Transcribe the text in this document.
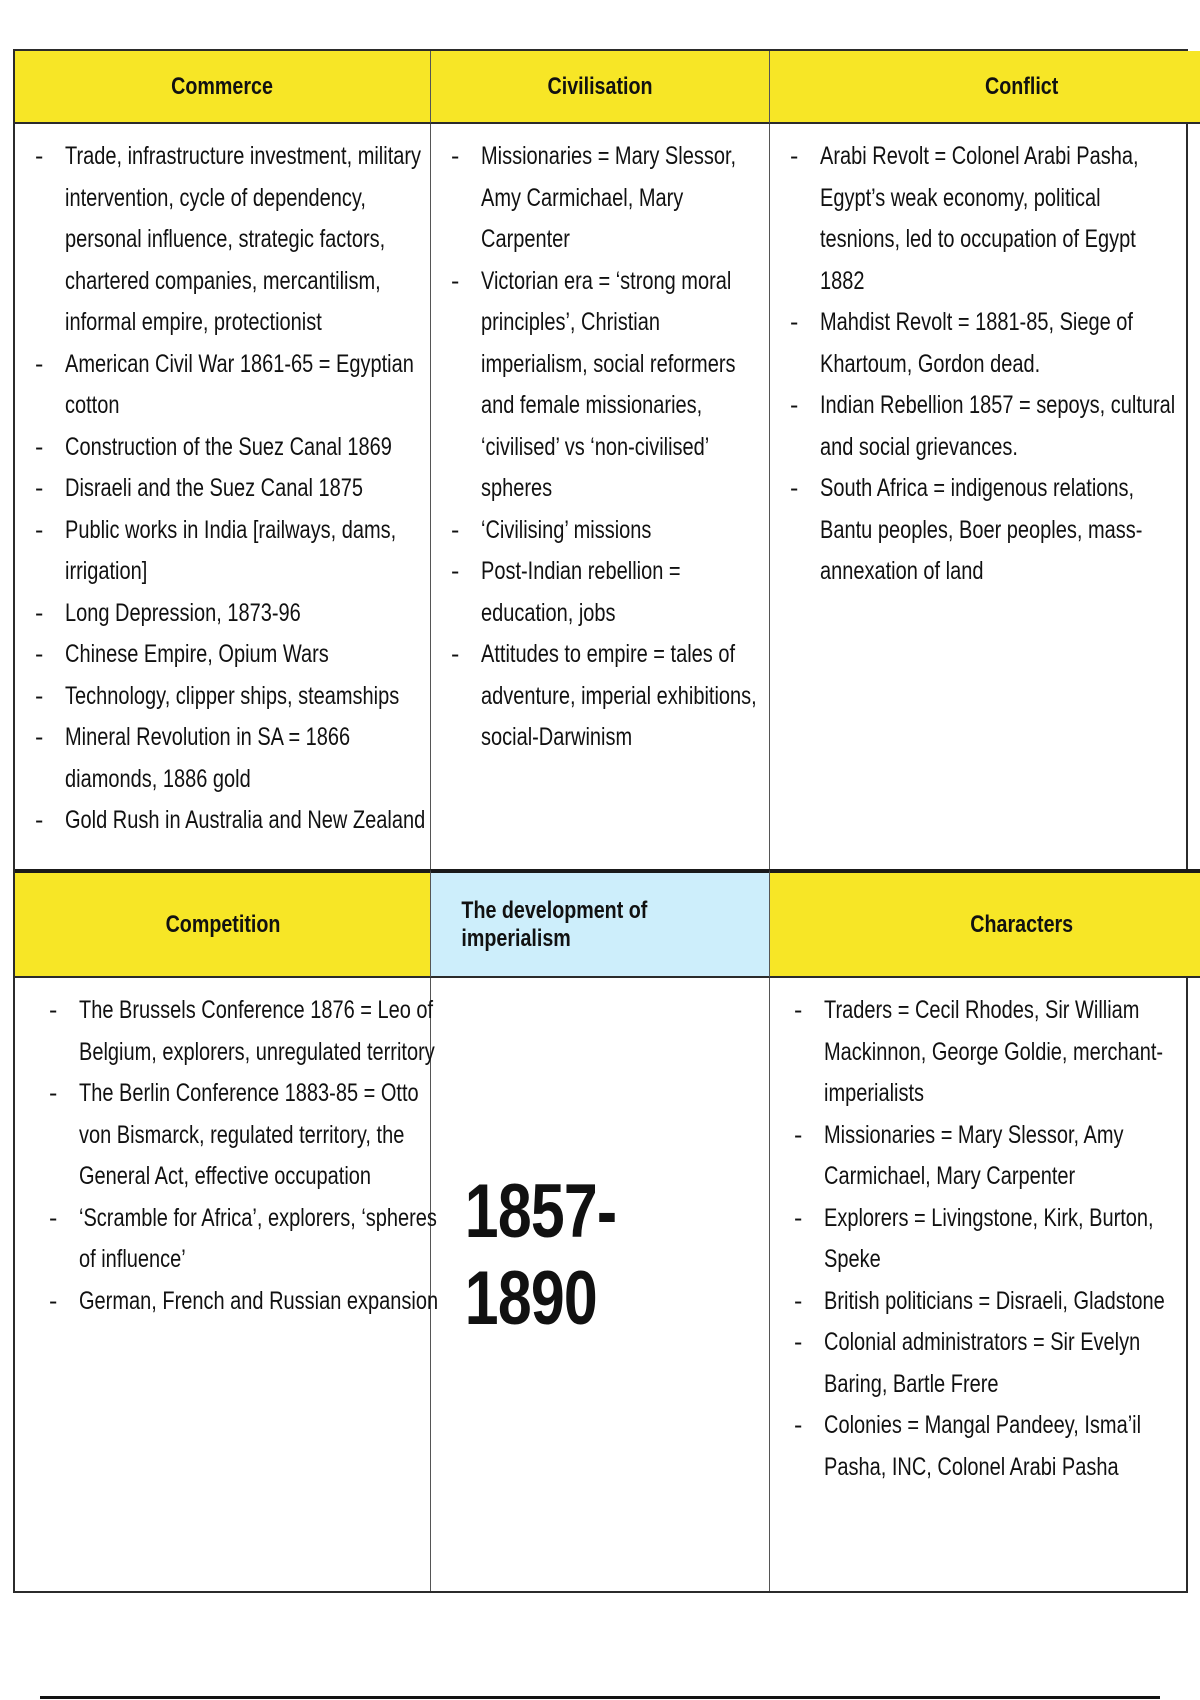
Commerce	Civilisation	Conflict
- Trade, infrastructure investment, military
intervention, cycle of dependency,
personal influence, strategic factors,
chartered companies, mercantilism,
informal empire, protectionist
- American Civil War 1861-65 = Egyptian
cotton
- Construction of the Suez Canal 1869
- Disraeli and the Suez Canal 1875
- Public works in India [railways, dams,
irrigation]
- Long Depression, 1873-96
- Chinese Empire, Opium Wars
- Technology, clipper ships, steamships
- Mineral Revolution in SA = 1866
diamonds, 1886 gold
- Gold Rush in Australia and New Zealand
- Missionaries = Mary Slessor,
Amy Carmichael, Mary
Carpenter
- Victorian era = ‘strong moral
principles’, Christian
imperialism, social reformers
and female missionaries,
‘civilised’ vs ‘non-civilised’
spheres
- ‘Civilising’ missions
- Post-Indian rebellion =
education, jobs
- Attitudes to empire = tales of
adventure, imperial exhibitions,
social-Darwinism
- Arabi Revolt = Colonel Arabi Pasha,
Egypt’s weak economy, political
tesnions, led to occupation of Egypt
1882
- Mahdist Revolt = 1881-85, Siege of
Khartoum, Gordon dead.
- Indian Rebellion 1857 = sepoys, cultural
and social grievances.
- South Africa = indigenous relations,
Bantu peoples, Boer peoples, mass-
annexation of land
Competition
The development of imperialism
Characters
- The Brussels Conference 1876 = Leo of
Belgium, explorers, unregulated territory
- The Berlin Conference 1883-85 = Otto
von Bismarck, regulated territory, the
General Act, effective occupation
- ‘Scramble for Africa’, explorers, ‘spheres
of influence’
- German, French and Russian expansion
1857-1890
- Traders = Cecil Rhodes, Sir William
Mackinnon, George Goldie, merchant-
imperialists
- Missionaries = Mary Slessor, Amy
Carmichael, Mary Carpenter
- Explorers = Livingstone, Kirk, Burton,
Speke
- British politicians = Disraeli, Gladstone
- Colonial administrators = Sir Evelyn
Baring, Bartle Frere
- Colonies = Mangal Pandeey, Isma’il
Pasha, INC, Colonel Arabi Pasha
